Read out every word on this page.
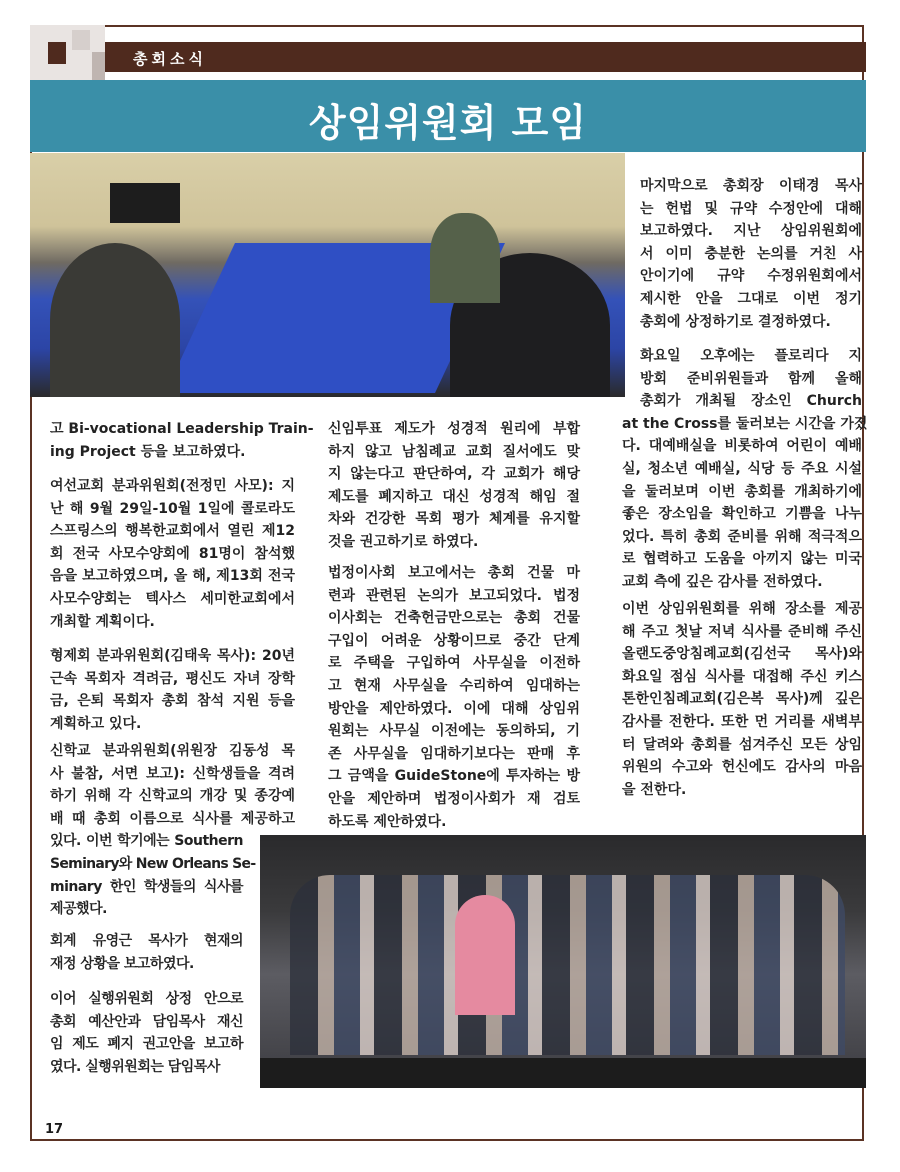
총회소식
상임위원회 모임
마지막으로 총회장 이태경 목사
는 헌법 및 규약 수정안에 대해
보고하였다. 지난 상임위원회에
서 이미 충분한 논의를 거친 사
안이기에 규약 수정위원회에서
제시한 안을 그대로 이번 정기
총회에 상정하기로 결정하였다.
화요일 오후에는 플로리다 지
방회 준비위원들과 함께 올해
총회가 개최될 장소인 Church
at the Cross를 둘러보는 시간을 가졌
다. 대예배실을 비롯하여 어린이 예배
실, 청소년 예배실, 식당 등 주요 시설
을 둘러보며 이번 총회를 개최하기에
좋은 장소임을 확인하고 기쁨을 나누
었다. 특히 총회 준비를 위해 적극적으
로 협력하고 도움을 아끼지 않는 미국
교회 측에 깊은 감사를 전하였다.
이번 상임위원회를 위해 장소를 제공
해 주고 첫날 저녁 식사를 준비해 주신
올랜도중앙침례교회(김선국 목사)와
화요일 점심 식사를 대접해 주신 키스
톤한인침례교회(김은복 목사)께 깊은
감사를 전한다. 또한 먼 거리를 새벽부
터 달려와 총회를 섬겨주신 모든 상임
위원의 수고와 헌신에도 감사의 마음
을 전한다.
고 Bi-vocational Leadership Train-
ing Project 등을 보고하였다.
여선교회 분과위원회(전정민 사모): 지
난 해 9월 29일-10월 1일에 콜로라도
스프링스의 행복한교회에서 열린 제12
회 전국 사모수양회에 81명이 참석했
음을 보고하였으며, 올 해, 제13회 전국
사모수양회는 텍사스 세미한교회에서
개최할 계획이다.
형제회 분과위원회(김태욱 목사): 20년
근속 목회자 격려금, 평신도 자녀 장학
금, 은퇴 목회자 총회 참석 지원 등을
계획하고 있다.
신학교 분과위원회(위원장 김동성 목
사 불참, 서면 보고): 신학생들을 격려
하기 위해 각 신학교의 개강 및 종강예
배 때 총회 이름으로 식사를 제공하고
있다. 이번 학기에는 Southern
Seminary와 New Orleans Se-
minary 한인 학생들의 식사를
제공했다.
회계 유영근 목사가 현재의
재정 상황을 보고하였다.
이어 실행위원회 상정 안으로
총회 예산안과 담임목사 재신
임 제도 폐지 권고안을 보고하
였다. 실행위원회는 담임목사
신임투표 제도가 성경적 원리에 부합
하지 않고 남침례교 교회 질서에도 맞
지 않는다고 판단하여, 각 교회가 해당
제도를 폐지하고 대신 성경적 해임 절
차와 건강한 목회 평가 체계를 유지할
것을 권고하기로 하였다.
법정이사회 보고에서는 총회 건물 마
련과 관련된 논의가 보고되었다. 법정
이사회는 건축헌금만으로는 총회 건물
구입이 어려운 상황이므로 중간 단계
로 주택을 구입하여 사무실을 이전하
고 현재 사무실을 수리하여 임대하는
방안을 제안하였다. 이에 대해 상임위
원회는 사무실 이전에는 동의하되, 기
존 사무실을 임대하기보다는 판매 후
그 금액을 GuideStone에 투자하는 방
안을 제안하며 법정이사회가 재 검토
하도록 제안하였다.
17
